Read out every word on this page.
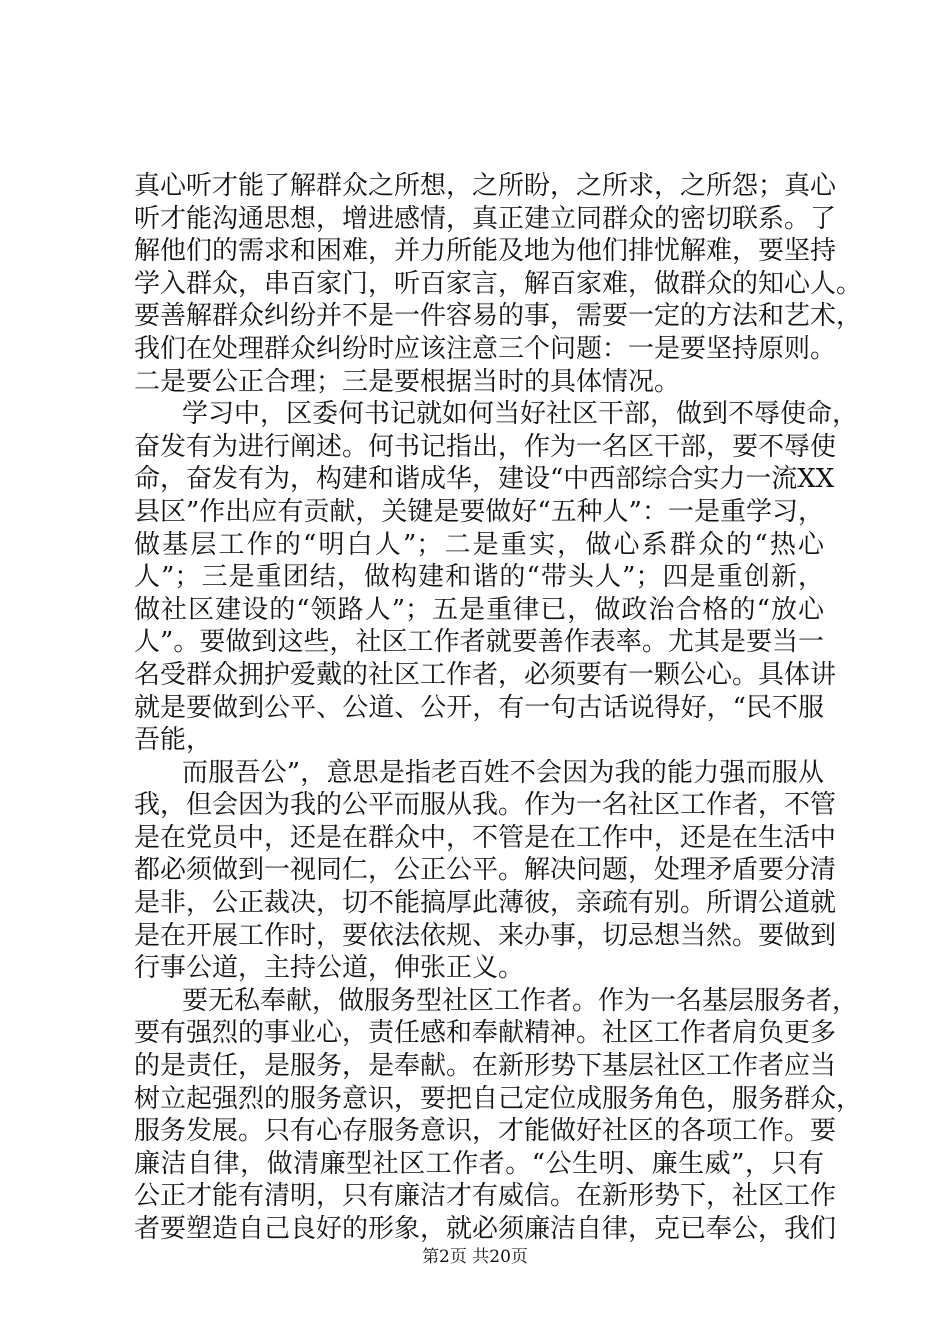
真心听才能了解群众之所想，之所盼，之所求，之所怨；真心
听才能沟通思想，增进感情，真正建立同群众的密切联系。了
解他们的需求和困难，并力所能及地为他们排忧解难，要坚持
学入群众，串百家门，听百家言，解百家难，做群众的知心人。
要善解群众纠纷并不是一件容易的事，需要一定的方法和艺术，
我们在处理群众纠纷时应该注意三个问题：一是要坚持原则。
二是要公正合理；三是要根据当时的具体情况。
学习中，区委何书记就如何当好社区干部，做到不辱使命，
奋发有为进行阐述。何书记指出，作为一名区干部，要不辱使
命，奋发有为，构建和谐成华，建设“中西部综合实力一流XX
县区”作出应有贡献，关键是要做好“五种人”：一是重学习，
做基层工作的“明白人”；二是重实，做心系群众的“热心
人”；三是重团结，做构建和谐的“带头人”；四是重创新，
做社区建设的“领路人”；五是重律已，做政治合格的“放心
人”。要做到这些，社区工作者就要善作表率。尤其是要当一
名受群众拥护爱戴的社区工作者，必须要有一颗公心。具体讲
就是要做到公平、公道、公开，有一句古话说得好，“民不服
吾能，
而服吾公”，意思是指老百姓不会因为我的能力强而服从
我，但会因为我的公平而服从我。作为一名社区工作者，不管
是在党员中，还是在群众中，不管是在工作中，还是在生活中
都必须做到一视同仁，公正公平。解决问题，处理矛盾要分清
是非，公正裁决，切不能搞厚此薄彼，亲疏有别。所谓公道就
是在开展工作时，要依法依规、来办事，切忌想当然。要做到
行事公道，主持公道，伸张正义。
要无私奉献，做服务型社区工作者。作为一名基层服务者，
要有强烈的事业心，责任感和奉献精神。社区工作者肩负更多
的是责任，是服务，是奉献。在新形势下基层社区工作者应当
树立起强烈的服务意识，要把自己定位成服务角色，服务群众，
服务发展。只有心存服务意识，才能做好社区的各项工作。要
廉洁自律，做清廉型社区工作者。“公生明、廉生威”，只有
公正才能有清明，只有廉洁才有威信。在新形势下，社区工作
者要塑造自己良好的形象，就必须廉洁自律，克已奉公，我们
第2页 共20页
